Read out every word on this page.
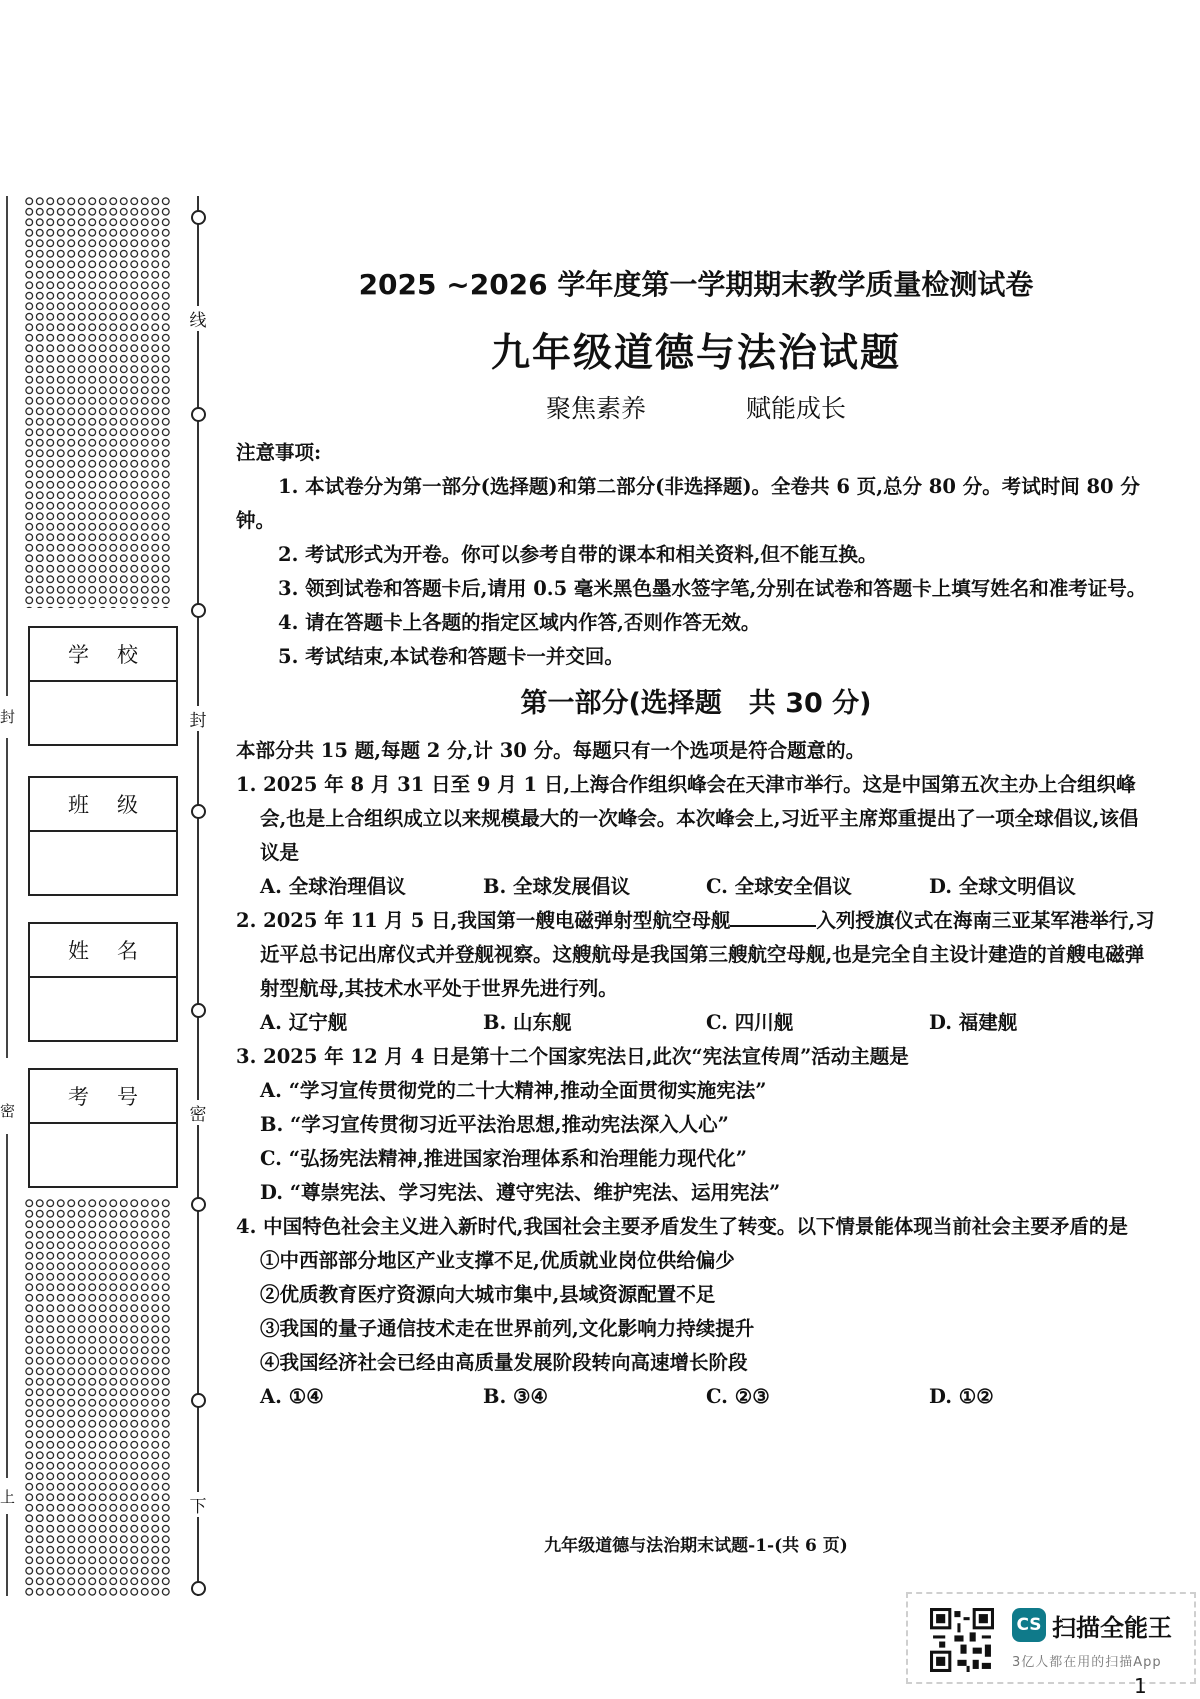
学校
班级
姓名
考号
线
封
密
下
封
密
上
2025 ~2026 学年度第一学期期末教学质量检测试卷
九年级道德与法治试题
聚焦素养	赋能成长

注意事项:

1. 本试卷分为第一部分(选择题)和第二部分(非选择题)。全卷共 6 页,总分 80 分。考试时间 80 分钟。

2. 考试形式为开卷。你可以参考自带的课本和相关资料,但不能互换。

3. 领到试卷和答题卡后,请用 0.5 毫米黑色墨水签字笔,分别在试卷和答题卡上填写姓名和准考证号。

4. 请在答题卡上各题的指定区域内作答,否则作答无效。

5. 考试结束,本试卷和答题卡一并交回。

第一部分(选择题　共 30 分)

本部分共 15 题,每题 2 分,计 30 分。每题只有一个选项是符合题意的。

1. 2025 年 8 月 31 日至 9 月 1 日,上海合作组织峰会在天津市举行。这是中国第五次主办上合组织峰会,也是上合组织成立以来规模最大的一次峰会。本次峰会上,习近平主席郑重提出了一项全球倡议,该倡议是

A. 全球治理倡议	B. 全球发展倡议	C. 全球安全倡议	D. 全球文明倡议

2. 2025 年 11 月 5 日,我国第一艘电磁弹射型航空母舰	入列授旗仪式在海南三亚某军港举行,习近平总书记出席仪式并登舰视察。这艘航母是我国第三艘航空母舰,也是完全自主设计建造的首艘电磁弹射型航母,其技术水平处于世界先进行列。

A. 辽宁舰	B. 山东舰	C. 四川舰	D. 福建舰

3. 2025 年 12 月 4 日是第十二个国家宪法日,此次“宪法宣传周”活动主题是

A. “学习宣传贯彻党的二十大精神,推动全面贯彻实施宪法”

B. “学习宣传贯彻习近平法治思想,推动宪法深入人心”

C. “弘扬宪法精神,推进国家治理体系和治理能力现代化”

D. “尊崇宪法、学习宪法、遵守宪法、维护宪法、运用宪法”

4. 中国特色社会主义进入新时代,我国社会主要矛盾发生了转变。以下情景能体现当前社会主要矛盾的是

①中西部部分地区产业支撑不足,优质就业岗位供给偏少

②优质教育医疗资源向大城市集中,县域资源配置不足

③我国的量子通信技术走在世界前列,文化影响力持续提升

④我国经济社会已经由高质量发展阶段转向高速增长阶段

A. ①④	B. ③④	C. ②③	D. ①②
九年级道德与法治期末试题-1-(共 6 页)
CS 扫描全能王
3亿人都在用的扫描App
1
